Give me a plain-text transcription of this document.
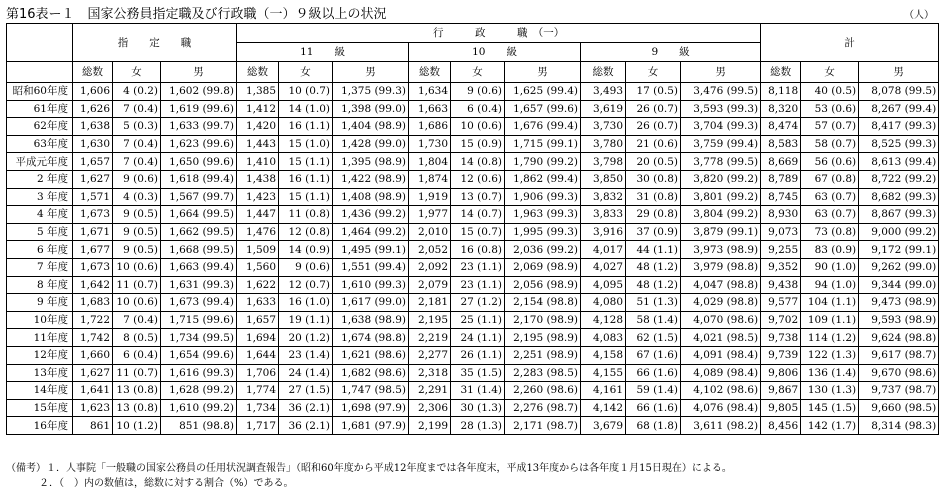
第16表ー１　国家公務員指定職及び行政職（一）９級以上の状況	（人）
	指　　定　　職			行　　　政　　　職　（一）									計		
				11　　級			10　　級			9　　級					
	総数	女	男	総数	女	男	総数	女	男	総数	女	男	総数	女	男
昭和60年度	1,606	4 (0.2)	1,602 (99.8)	1,385	10 (0.7)	1,375 (99.3)	1,634	9 (0.6)	1,625 (99.4)	3,493	17 (0.5)	3,476 (99.5)	8,118	40 (0.5)	8,078 (99.5)
61年度	1,626	7 (0.4)	1,619 (99.6)	1,412	14 (1.0)	1,398 (99.0)	1,663	6 (0.4)	1,657 (99.6)	3,619	26 (0.7)	3,593 (99.3)	8,320	53 (0.6)	8,267 (99.4)
62年度	1,638	5 (0.3)	1,633 (99.7)	1,420	16 (1.1)	1,404 (98.9)	1,686	10 (0.6)	1,676 (99.4)	3,730	26 (0.7)	3,704 (99.3)	8,474	57 (0.7)	8,417 (99.3)
63年度	1,630	7 (0.4)	1,623 (99.6)	1,443	15 (1.0)	1,428 (99.0)	1,730	15 (0.9)	1,715 (99.1)	3,780	21 (0.6)	3,759 (99.4)	8,583	58 (0.7)	8,525 (99.3)
平成元年度	1,657	7 (0.4)	1,650 (99.6)	1,410	15 (1.1)	1,395 (98.9)	1,804	14 (0.8)	1,790 (99.2)	3,798	20 (0.5)	3,778 (99.5)	8,669	56 (0.6)	8,613 (99.4)
2 年度	1,627	9 (0.6)	1,618 (99.4)	1,438	16 (1.1)	1,422 (98.9)	1,874	12 (0.6)	1,862 (99.4)	3,850	30 (0.8)	3,820 (99.2)	8,789	67 (0.8)	8,722 (99.2)
3 年度	1,571	4 (0.3)	1,567 (99.7)	1,423	15 (1.1)	1,408 (98.9)	1,919	13 (0.7)	1,906 (99.3)	3,832	31 (0.8)	3,801 (99.2)	8,745	63 (0.7)	8,682 (99.3)
4 年度	1,673	9 (0.5)	1,664 (99.5)	1,447	11 (0.8)	1,436 (99.2)	1,977	14 (0.7)	1,963 (99.3)	3,833	29 (0.8)	3,804 (99.2)	8,930	63 (0.7)	8,867 (99.3)
5 年度	1,671	9 (0.5)	1,662 (99.5)	1,476	12 (0.8)	1,464 (99.2)	2,010	15 (0.7)	1,995 (99.3)	3,916	37 (0.9)	3,879 (99.1)	9,073	73 (0.8)	9,000 (99.2)
6 年度	1,677	9 (0.5)	1,668 (99.5)	1,509	14 (0.9)	1,495 (99.1)	2,052	16 (0.8)	2,036 (99.2)	4,017	44 (1.1)	3,973 (98.9)	9,255	83 (0.9)	9,172 (99.1)
7 年度	1,673	10 (0.6)	1,663 (99.4)	1,560	9 (0.6)	1,551 (99.4)	2,092	23 (1.1)	2,069 (98.9)	4,027	48 (1.2)	3,979 (98.8)	9,352	90 (1.0)	9,262 (99.0)
8 年度	1,642	11 (0.7)	1,631 (99.3)	1,622	12 (0.7)	1,610 (99.3)	2,079	23 (1.1)	2,056 (98.9)	4,095	48 (1.2)	4,047 (98.8)	9,438	94 (1.0)	9,344 (99.0)
9 年度	1,683	10 (0.6)	1,673 (99.4)	1,633	16 (1.0)	1,617 (99.0)	2,181	27 (1.2)	2,154 (98.8)	4,080	51 (1.3)	4,029 (98.8)	9,577	104 (1.1)	9,473 (98.9)
10年度	1,722	7 (0.4)	1,715 (99.6)	1,657	19 (1.1)	1,638 (98.9)	2,195	25 (1.1)	2,170 (98.9)	4,128	58 (1.4)	4,070 (98.6)	9,702	109 (1.1)	9,593 (98.9)
11年度	1,742	8 (0.5)	1,734 (99.5)	1,694	20 (1.2)	1,674 (98.8)	2,219	24 (1.1)	2,195 (98.9)	4,083	62 (1.5)	4,021 (98.5)	9,738	114 (1.2)	9,624 (98.8)
12年度	1,660	6 (0.4)	1,654 (99.6)	1,644	23 (1.4)	1,621 (98.6)	2,277	26 (1.1)	2,251 (98.9)	4,158	67 (1.6)	4,091 (98.4)	9,739	122 (1.3)	9,617 (98.7)
13年度	1,627	11 (0.7)	1,616 (99.3)	1,706	24 (1.4)	1,682 (98.6)	2,318	35 (1.5)	2,283 (98.5)	4,155	66 (1.6)	4,089 (98.4)	9,806	136 (1.4)	9,670 (98.6)
14年度	1,641	13 (0.8)	1,628 (99.2)	1,774	27 (1.5)	1,747 (98.5)	2,291	31 (1.4)	2,260 (98.6)	4,161	59 (1.4)	4,102 (98.6)	9,867	130 (1.3)	9,737 (98.7)
15年度	1,623	13 (0.8)	1,610 (99.2)	1,734	36 (2.1)	1,698 (97.9)	2,306	30 (1.3)	2,276 (98.7)	4,142	66 (1.6)	4,076 (98.4)	9,805	145 (1.5)	9,660 (98.5)
16年度	861	10 (1.2)	851 (98.8)	1,717	36 (2.1)	1,681 (97.9)	2,199	28 (1.3)	2,171 (98.7)	3,679	68 (1.8)	3,611 (98.2)	8,456	142 (1.7)	8,314 (98.3)
（備考）１．人事院「一般職の国家公務員の任用状況調査報告」（昭和60年度から平成12年度までは各年度末，平成13年度からは各年度１月15日現在）による。
２．（　）内の数値は，総数に対する割合（%）である。
